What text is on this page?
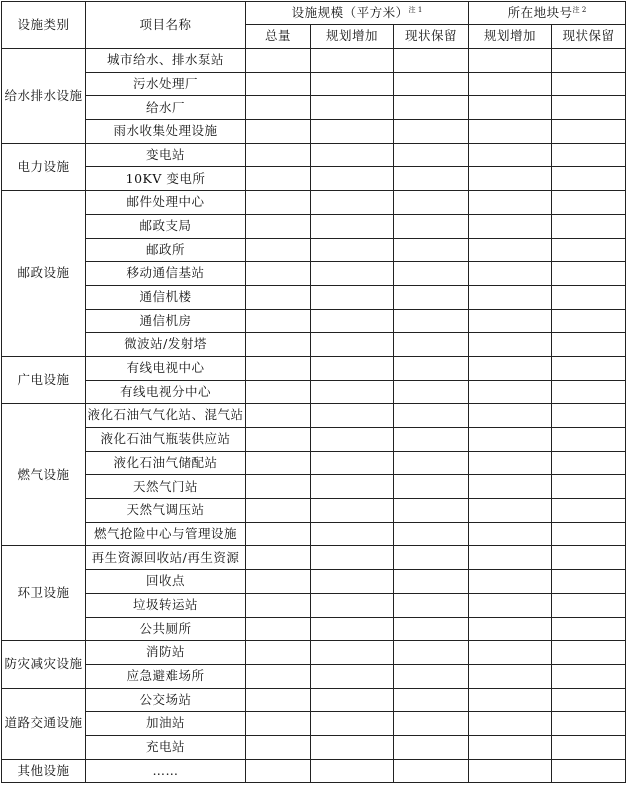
设施类别	项目名称	设施规模（平方米）$^{注 1}$			所在地块号$^{注 2}$
		总量	规划增加	现状保留	规划增加	现状保留
给水排水设施	城市给水、排水泵站					
	污水处理厂					
	给水厂					
	雨水收集处理设施					
电力设施	变电站					
	10KV 变电所					
邮政设施	邮件处理中心					
	邮政支局					
	邮政所					
	移动通信基站					
	通信机楼					
	通信机房					
	微波站/发射塔					
广电设施	有线电视中心					
	有线电视分中心					
燃气设施	液化石油气气化站、混气站					
	液化石油气瓶装供应站					
	液化石油气储配站					
	天然气门站					
	天然气调压站					
	燃气抢险中心与管理设施					
环卫设施	再生资源回收站/再生资源					
	回收点					
	垃圾转运站					
	公共厕所					
防灾减灾设施	消防站					
	应急避难场所					
道路交通设施	公交场站					
	加油站					
	充电站					
其他设施	……					
